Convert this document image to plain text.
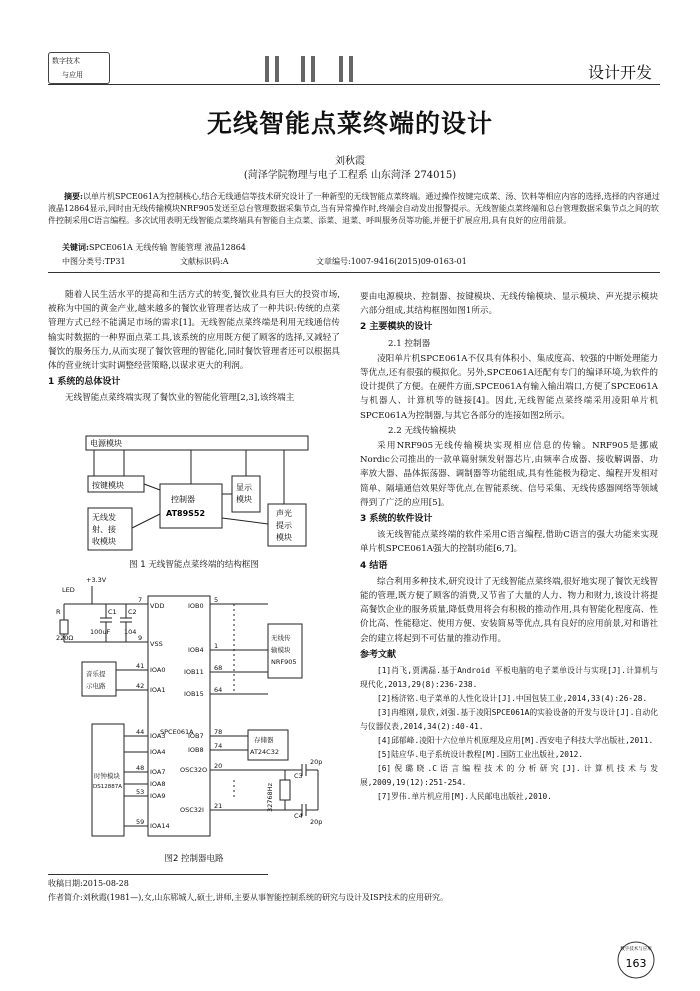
数字技术
与应用	设计开发
无线智能点菜终端的设计
刘秋霞
(菏泽学院物理与电子工程系 山东菏泽 274015)
摘要:以单片机SPCE061A为控制核心,结合无线通信等技术研究设计了一种新型的无线智能点菜终端。通过操作按键完成菜、汤、饮料等相应内容的选择,选择的内容通过液晶12864显示,同时由无线传输模块NRF905发送至总台管理数据采集节点,当有异常操作时,终端会自动发出报警提示。无线智能点菜终端和总台管理数据采集节点之间的软件控制采用C语言编程。多次试用表明无线智能点菜终端具有智能自主点菜、添菜、退菜、呼叫服务员等功能,并便于扩展应用,具有良好的应用前景。
关键词:SPCE061A 无线传输 智能管理 液晶12864
中图分类号:TP31	文献标识码:A	文章编号:1007-9416(2015)09-0163-01

随着人民生活水平的提高和生活方式的转变,餐饮业具有巨大的投资市场,被称为中国的黄金产业,越来越多的餐饮业管理者达成了一种共识:传统的点菜管理方式已经不能满足市场的需求[1]。无线智能点菜终端是利用无线通信传输实时数据的一种界面点菜工具,该系统的应用既方便了顾客的选择,又减轻了餐饮的服务压力,从而实现了餐饮管理的智能化,同时餐饮管理者还可以根据具体的营业统计实时调整经营策略,以谋求更大的利润。

1 系统的总体设计

无线智能点菜终端实现了餐饮业的智能化管理[2,3],该终端主

电源模块
按键模块
控制器
AT89S52
显示
模块
无线发
射、接
收模块
声光
提示
模块
图 1 无线智能点菜终端的结构框图
+3.3V
LED
R
220Ω
C1
100uF
C2
104
SPCE061A
VDD
VSS
IOA0
IOA1
IOA3
IOA4
IOA7
IOA8
IOA9
IOA14
IOB0
IOB4
IOB11
IOB15
IOB7
IOB8
OSC32O
OSC32I
7
9
41
42
44
48
53
59
5
1
68
64
78
74
20
21
音乐提
示电路
时钟模块
DS12887A
无线传
输模块
NRF905
存储器
AT24C32
32768Hz
C3
C4
20p
20p
图2 控制器电路

要由电源模块、控制器、按键模块、无线传输模块、显示模块、声光提示模块六部分组成,其结构框图如图1所示。

2 主要模块的设计
2.1 控制器

凌阳单片机SPCE061A不仅具有体积小、集成度高、较强的中断处理能力等优点,还有很强的模拟化。另外,SPCE061A还配有专门的编译环境,为软件的设计提供了方便。在硬件方面,SPCE061A有输入输出端口,方便了SPCE061A与机器人、计算机等的链接[4]。因此,无线智能点菜终端采用凌阳单片机SPCE061A为控制器,与其它各部分的连接如图2所示。

2.2 无线传输模块

采用NRF905无线传输模块实现相应信息的传输。NRF905是挪威Nordic公司推出的一款单篇射频发射器芯片,由频率合成器、接收解调器、功率放大器、晶体振荡器、调制器等功能组成,具有性能极为稳定、编程开发相对简单、隔墙通信效果好等优点,在智能系统、信号采集、无线传感器网络等领域得到了广泛的应用[5]。

3 系统的软件设计

该无线智能点菜终端的软件采用C语言编程,借助C语言的强大功能来实现单片机SPCE061A强大的控制功能[6,7]。

4 结语

综合利用多种技术,研究设计了无线智能点菜终端,很好地实现了餐饮无线智能的管理,既方便了顾客的消费,又节省了大量的人力、物力和财力,该设计将提高餐饮企业的服务质量,降低费用将会有积极的推动作用,具有智能化程度高、性价比高、性能稳定、使用方便、安装简易等优点,具有良好的应用前景,对和谐社会的建立将起到不可估量的推动作用。

参考文献

[1]肖飞,贾满磊.基于Android 平板电脑的电子菜单设计与实现[J].计算机与现代化,2013,29(8):236-238.

[2]杨济铭.电子菜单的人性化设计[J].中国包装工业,2014,33(4):26-28.

[3]冉维刚,景欣,刘强.基于凌阳SPCE061A的实验设备的开发与设计[J].自动化与仪器仪表,2014,34(2):40-41.

[4]邱郁峰.凌阳十六位单片机原理及应用[M].西安电子科技大学出版社,2011.

[5]陆应华.电子系统设计教程[M].国防工业出版社,2012.

[6]倪璐晓.C语言编程技术的分析研究[J].计算机技术与发展,2009,19(12):251-254.

[7]罗伟.单片机应用[M].人民邮电出版社,2010.

收稿日期:2015-08-28
作者简介:刘秋霞(1981—),女,山东郓城人,硕士,讲师,主要从事智能控制系统的研究与设计及ISP技术的应用研究。
数字技术与应用
163
